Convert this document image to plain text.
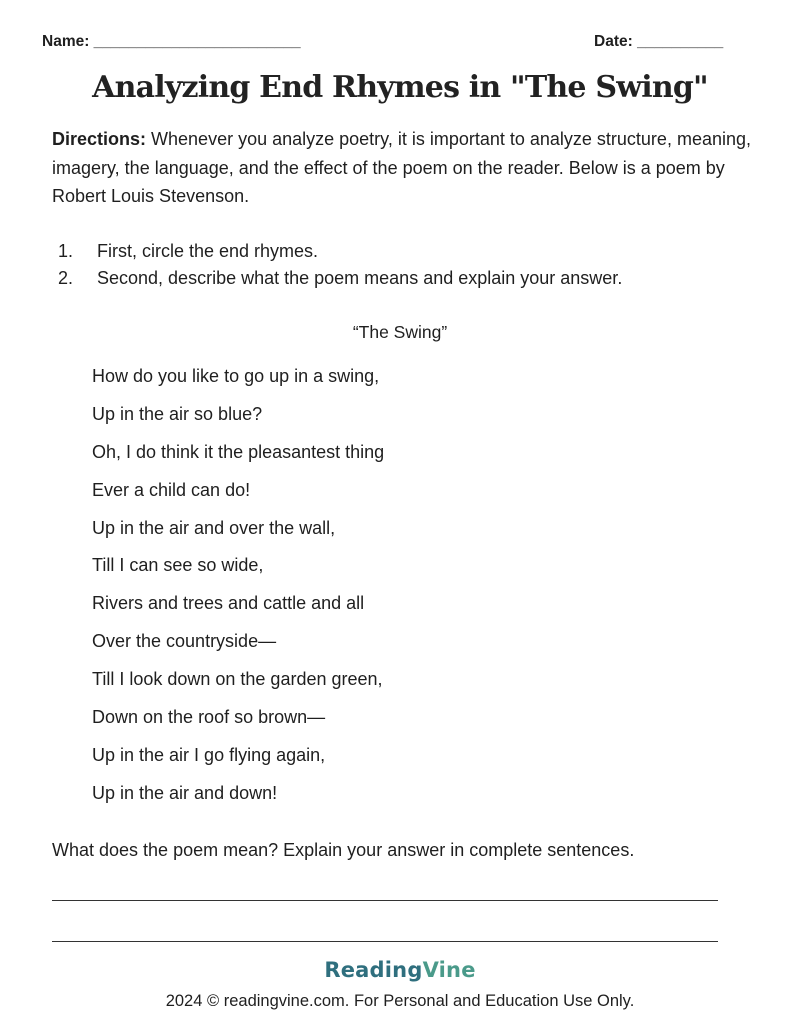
Name: ________________________	Date: __________
Analyzing End Rhymes in "The Swing"
Directions: Whenever you analyze poetry, it is important to analyze structure, meaning, imagery, the language, and the effect of the poem on the reader. Below is a poem by Robert Louis Stevenson.
1. First, circle the end rhymes.
2. Second, describe what the poem means and explain your answer.
“The Swing”
How do you like to go up in a swing,
Up in the air so blue?
Oh, I do think it the pleasantest thing
Ever a child can do!
Up in the air and over the wall,
Till I can see so wide,
Rivers and trees and cattle and all
Over the countryside—
Till I look down on the garden green,
Down on the roof so brown—
Up in the air I go flying again,
Up in the air and down!
What does the poem mean? Explain your answer in complete sentences.
ReadingVine
2024 © readingvine.com. For Personal and Education Use Only.
